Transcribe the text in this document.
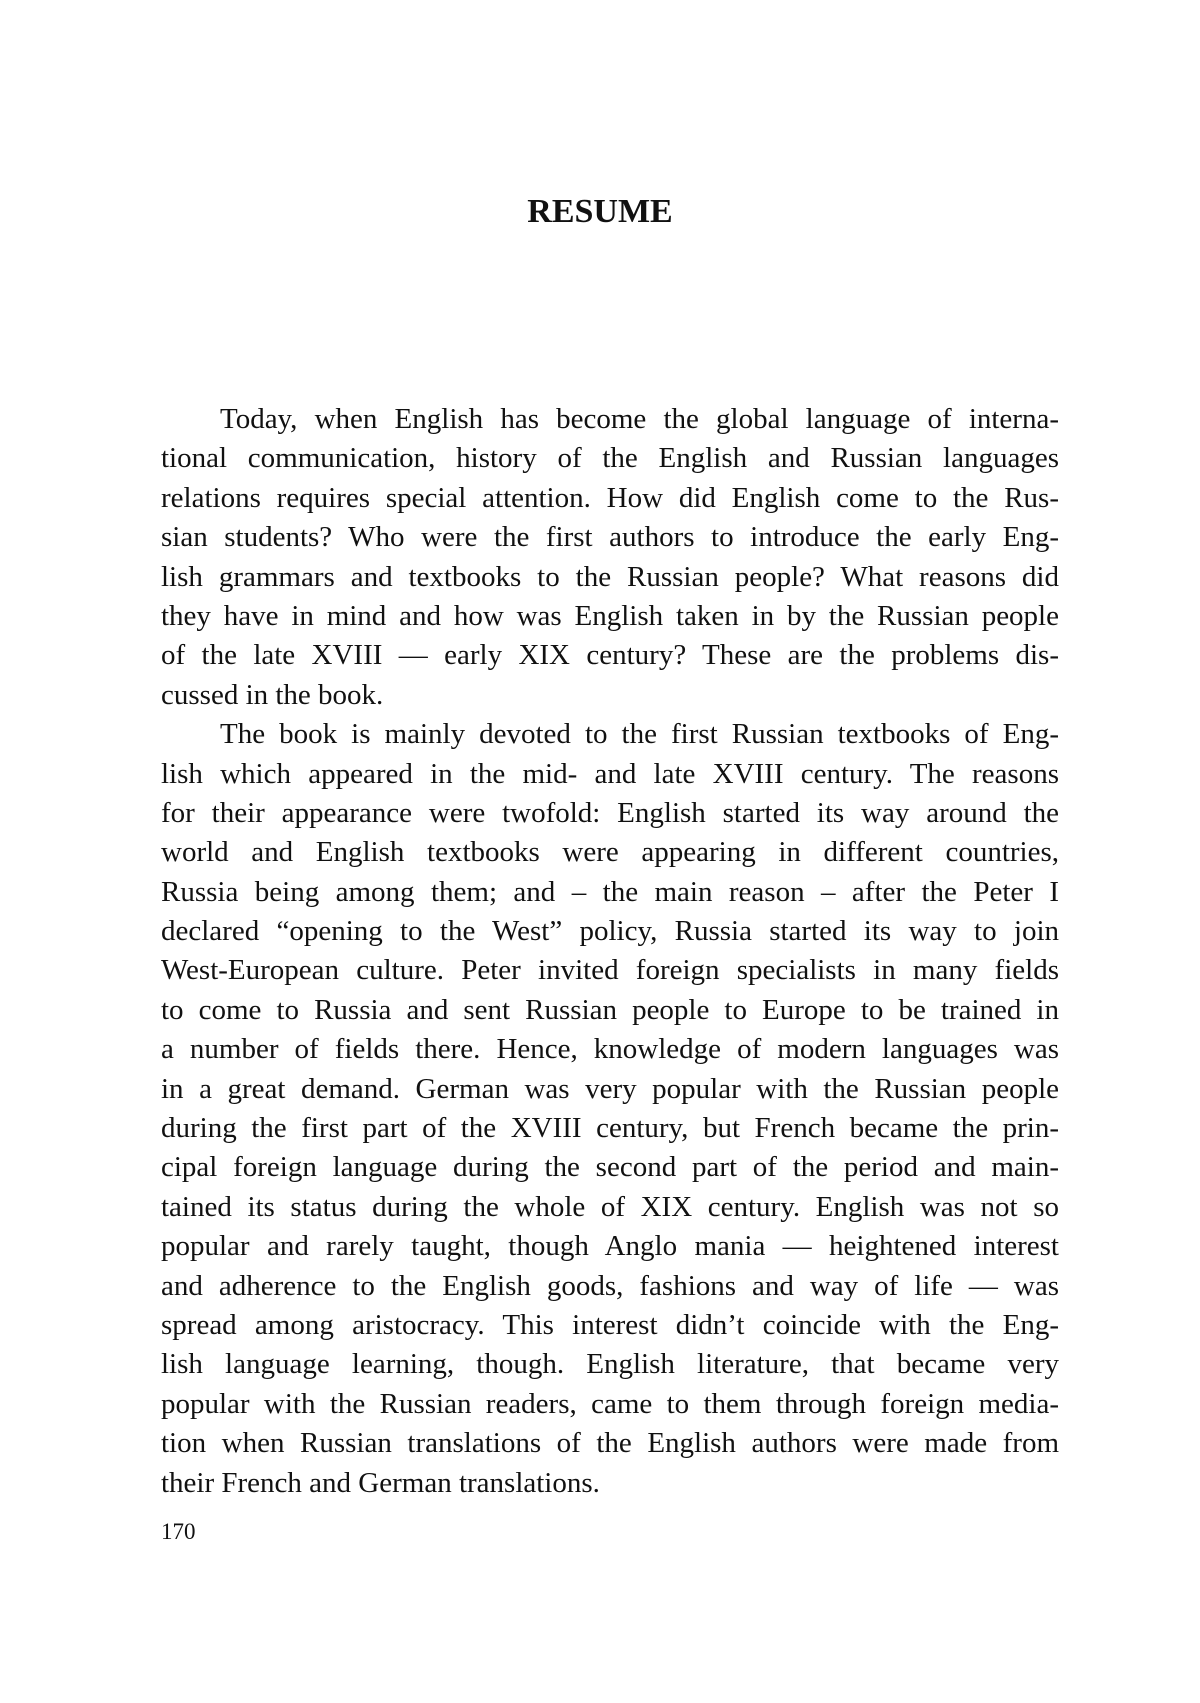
RESUME

Today, when English has become the global language of interna-
tional communication, history of the English and Russian languages
relations requires special attention. How did English come to the Rus-
sian students? Who were the first authors to introduce the early Eng-
lish grammars and textbooks to the Russian people? What reasons did
they have in mind and how was English taken in by the Russian people
of the late XVIII — early XIX century? These are the problems dis-
cussed in the book.

The book is mainly devoted to the first Russian textbooks of Eng-
lish which appeared in the mid- and late XVIII century. The reasons
for their appearance were twofold: English started its way around the
world and English textbooks were appearing in different countries,
Russia being among them; and – the main reason – after the Peter I
declared “opening to the West” policy, Russia started its way to join
West-European culture. Peter invited foreign specialists in many fields
to come to Russia and sent Russian people to Europe to be trained in
a number of fields there. Hence, knowledge of modern languages was
in a great demand. German was very popular with the Russian people
during the first part of the XVIII century, but French became the prin-
cipal foreign language during the second part of the period and main-
tained its status during the whole of XIX century. English was not so
popular and rarely taught, though Anglo mania — heightened interest
and adherence to the English goods, fashions and way of life — was
spread among aristocracy. This interest didn’t coincide with the Eng-
lish language learning, though. English literature, that became very
popular with the Russian readers, came to them through foreign media-
tion when Russian translations of the English authors were made from
their French and German translations.

170
